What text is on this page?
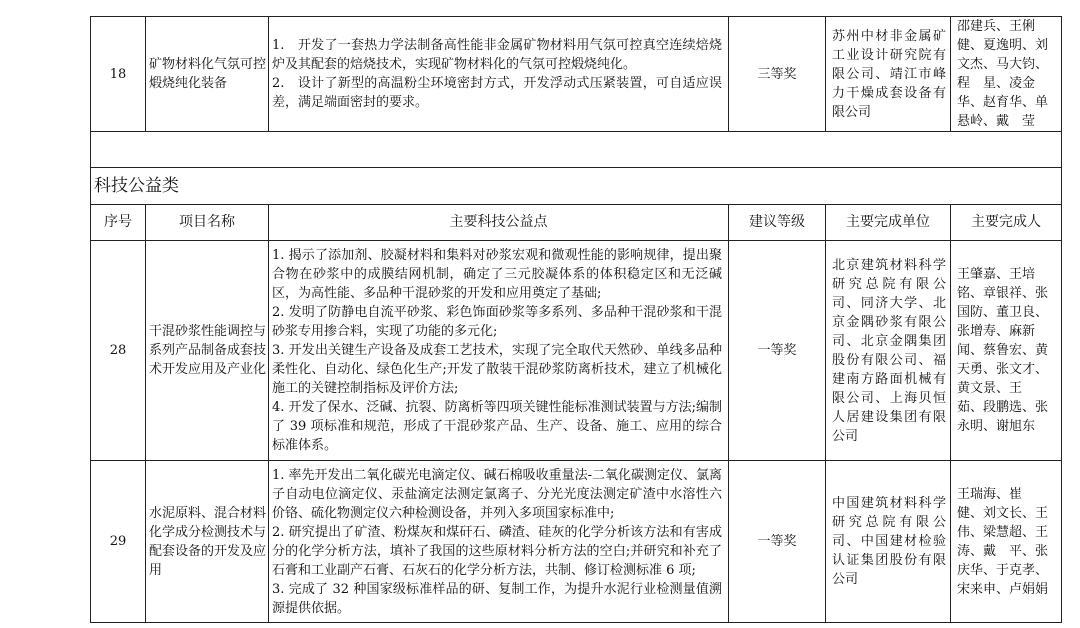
18	矿物材料化气氛可控煅烧纯化装备	1.　开发了一套热力学法制备高性能非金属矿物材料用气氛可控真空连续焙烧炉及其配套的焙烧技术，实现矿物材料化的气氛可控煅烧纯化。
2.　设计了新型的高温粉尘环境密封方式，开发浮动式压紧装置，可自适应误差，满足端面密封的要求。	三等奖	苏州中材非金属矿工业设计研究院有限公司、靖江市峰力干燥成套设备有限公司	邵建兵、王俐健、夏逸明、刘文杰、马大钧、程　星、凌金华、赵育华、单悬岭、戴　莹

科技公益类					
序号	项目名称	主要科技公益点	建议等级	主要完成单位	主要完成人
28	干混砂浆性能调控与系列产品制备成套技术开发应用及产业化	1. 揭示了添加剂、胶凝材料和集料对砂浆宏观和微观性能的影响规律，提出聚合物在砂浆中的成膜结网机制，确定了三元胶凝体系的体积稳定区和无泛碱区，为高性能、多品种干混砂浆的开发和应用奠定了基础;
2. 发明了防静电自流平砂浆、彩色饰面砂浆等多系列、多品种干混砂浆和干混砂浆专用掺合料，实现了功能的多元化;
3. 开发出关键生产设备及成套工艺技术，实现了完全取代天然砂、单线多品种柔性化、自动化、绿色化生产;开发了散装干混砂浆防离析技术，建立了机械化施工的关键控制指标及评价方法;
4. 开发了保水、泛碱、抗裂、防离析等四项关键性能标准测试装置与方法;编制了 39 项标准和规范，形成了干混砂浆产品、生产、设备、施工、应用的综合标准体系。	一等奖	北京建筑材料科学研究总院有限公司、同济大学、北京金隅砂浆有限公司、北京金隅集团股份有限公司、福建南方路面机械有限公司、上海贝恒人居建设集团有限公司	王肇嘉、王培铭、章银祥、张国防、董卫良、张增寿、麻新闻、蔡鲁宏、黄天勇、张文才、黄文景、王　茹、段鹏选、张永明、谢旭东
29	水泥原料、混合材料化学成分检测技术与配套设备的开发及应用	1. 率先开发出二氧化碳光电滴定仪、碱石棉吸收重量法-二氧化碳测定仪、氯离子自动电位滴定仪、汞盐滴定法测定氯离子、分光光度法测定矿渣中水溶性六价铬、硫化物测定仪六种检测设备，并列入多项国家标准中;
2. 研究提出了矿渣、粉煤灰和煤矸石、磷渣、硅灰的化学分析该方法和有害成分的化学分析方法，填补了我国的这些原材料分析方法的空白;并研究和补充了石膏和工业副产石膏、石灰石的化学分析方法，共制、修订检测标准 6 项;
3. 完成了 32 种国家级标准样品的研、复制工作，为提升水泥行业检测量值溯源提供依据。	一等奖	中国建筑材料科学研究总院有限公司、中国建材检验认证集团股份有限公司	王瑞海、崔　健、刘文长、王　伟、梁慧超、王　涛、戴　平、张庆华、于克孝、宋来申、卢娟娟
